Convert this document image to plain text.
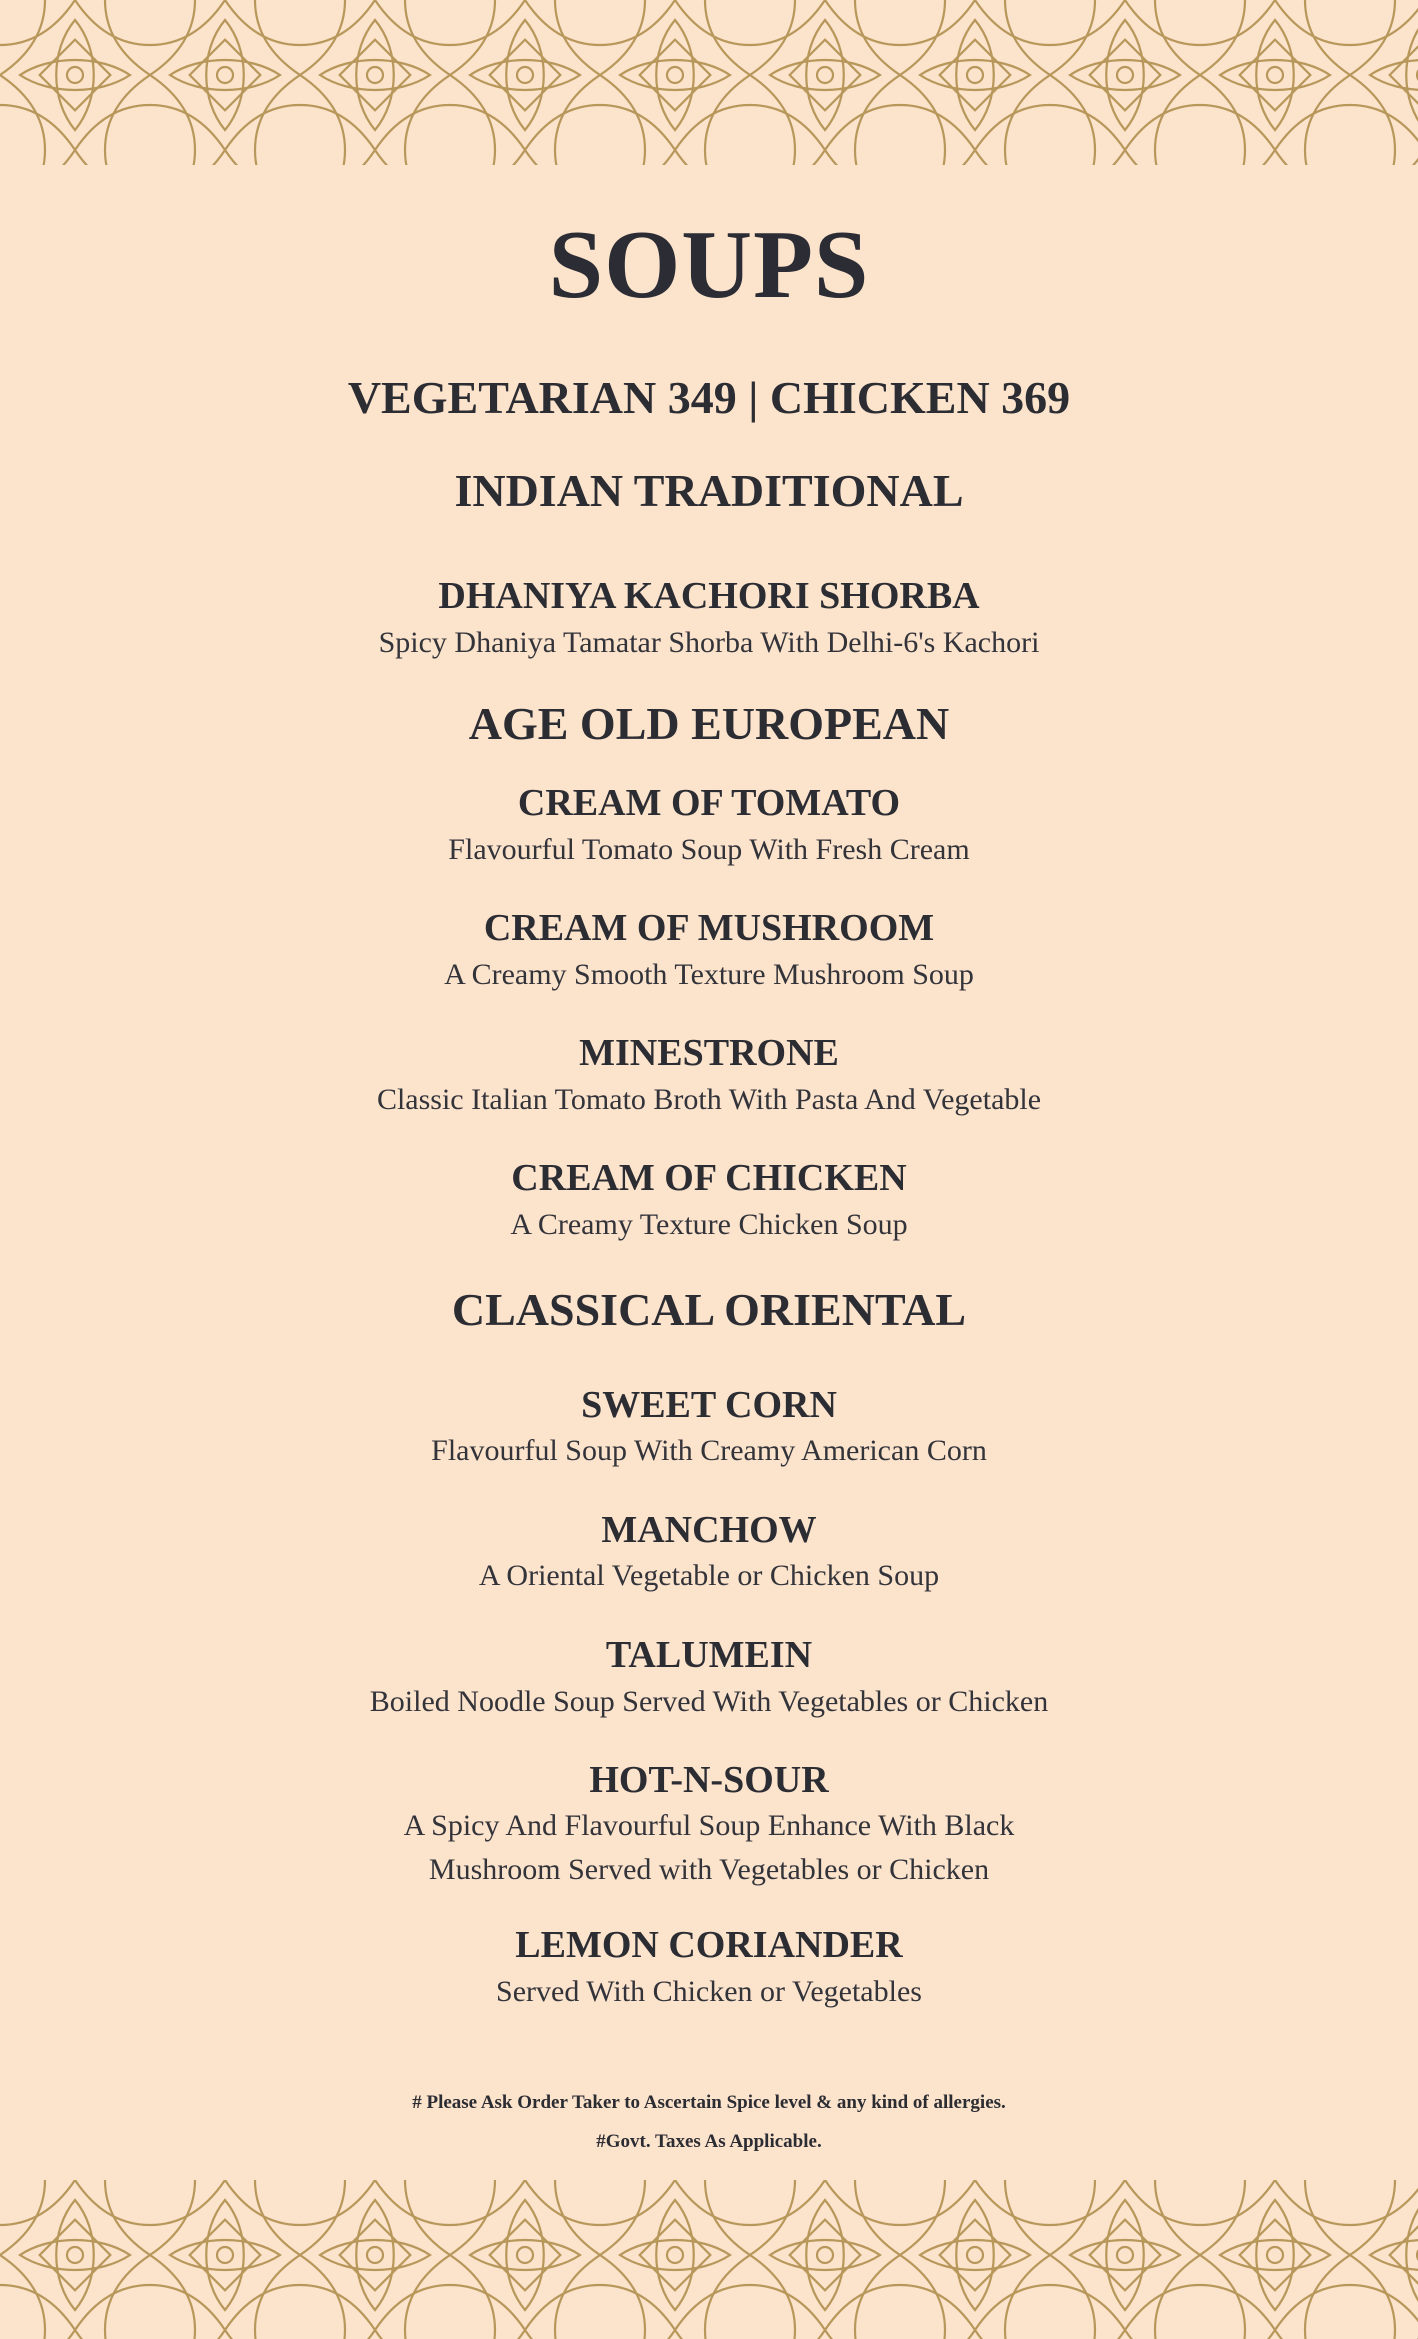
SOUPS
VEGETARIAN 349 | CHICKEN 369
INDIAN TRADITIONAL
DHANIYA KACHORI SHORBA
Spicy Dhaniya Tamatar Shorba With Delhi-6's Kachori
AGE OLD EUROPEAN
CREAM OF TOMATO
Flavourful Tomato Soup With Fresh Cream
CREAM OF MUSHROOM
A Creamy Smooth Texture Mushroom Soup
MINESTRONE
Classic Italian Tomato Broth With Pasta And Vegetable
CREAM OF CHICKEN
A Creamy Texture Chicken Soup
CLASSICAL ORIENTAL
SWEET CORN
Flavourful Soup With Creamy American Corn
MANCHOW
A Oriental Vegetable or Chicken Soup
TALUMEIN
Boiled Noodle Soup Served With Vegetables or Chicken
HOT-N-SOUR
A Spicy And Flavourful Soup Enhance With Black
Mushroom Served with Vegetables or Chicken
LEMON CORIANDER
Served With Chicken or Vegetables
# Please Ask Order Taker to Ascertain Spice level & any kind of allergies.
#Govt. Taxes As Applicable.
